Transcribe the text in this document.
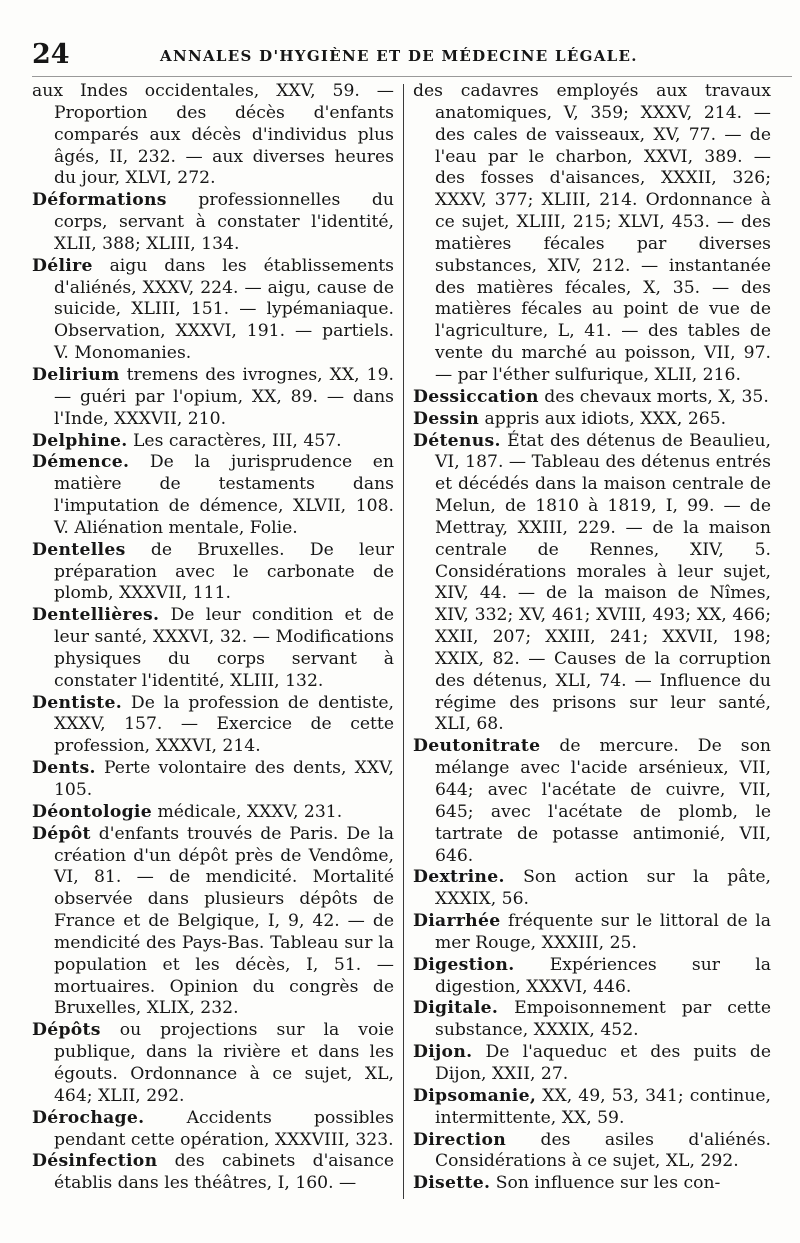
24	ANNALES D'HYGIÈNE ET DE MÉDECINE LÉGALE.

aux Indes occidentales, XXV, 59. — Proportion des décès d'enfants comparés aux décès d'individus plus âgés, II, 232. — aux diverses heures du jour, XLVI, 272.

Déformations professionnelles du corps, servant à constater l'identité, XLII, 388; XLIII, 134.

Délire aigu dans les établissements d'aliénés, XXXV, 224. — aigu, cause de suicide, XLIII, 151. — lypémaniaque. Observation, XXXVI, 191. — partiels. V. Monomanies.

Delirium tremens des ivrognes, XX, 19. — guéri par l'opium, XX, 89. — dans l'Inde, XXXVII, 210.

Delphine. Les caractères, III, 457.

Démence. De la jurisprudence en matière de testaments dans l'imputation de démence, XLVII, 108. V. Aliénation mentale, Folie.

Dentelles de Bruxelles. De leur préparation avec le carbonate de plomb, XXXVII, 111.

Dentellières. De leur condition et de leur santé, XXXVI, 32. — Modifications physiques du corps servant à constater l'identité, XLIII, 132.

Dentiste. De la profession de dentiste, XXXV, 157. — Exercice de cette profession, XXXVI, 214.

Dents. Perte volontaire des dents, XXV, 105.

Déontologie médicale, XXXV, 231.

Dépôt d'enfants trouvés de Paris. De la création d'un dépôt près de Vendôme, VI, 81. — de mendicité. Mortalité observée dans plusieurs dépôts de France et de Belgique, I, 9, 42. — de mendicité des Pays-Bas. Tableau sur la population et les décès, I, 51. — mortuaires. Opinion du congrès de Bruxelles, XLIX, 232.

Dépôts ou projections sur la voie publique, dans la rivière et dans les égouts. Ordonnance à ce sujet, XL, 464; XLII, 292.

Dérochage. Accidents possibles pendant cette opération, XXXVIII, 323.

Désinfection des cabinets d'aisance établis dans les théâtres, I, 160. —

des cadavres employés aux travaux anatomiques, V, 359; XXXV, 214. — des cales de vaisseaux, XV, 77. — de l'eau par le charbon, XXVI, 389. — des fosses d'aisances, XXXII, 326; XXXV, 377; XLIII, 214. Ordonnance à ce sujet, XLIII, 215; XLVI, 453. — des matières fécales par diverses substances, XIV, 212. — instantanée des matières fécales, X, 35. — des matières fécales au point de vue de l'agriculture, L, 41. — des tables de vente du marché au poisson, VII, 97. — par l'éther sulfurique, XLII, 216.

Dessiccation des chevaux morts, X, 35.

Dessin appris aux idiots, XXX, 265.

Détenus. État des détenus de Beaulieu, VI, 187. — Tableau des détenus entrés et décédés dans la maison centrale de Melun, de 1810 à 1819, I, 99. — de Mettray, XXIII, 229. — de la maison centrale de Rennes, XIV, 5. Considérations morales à leur sujet, XIV, 44. — de la maison de Nîmes, XIV, 332; XV, 461; XVIII, 493; XX, 466; XXII, 207; XXIII, 241; XXVII, 198; XXIX, 82. — Causes de la corruption des détenus, XLI, 74. — Influence du régime des prisons sur leur santé, XLI, 68.

Deutonitrate de mercure. De son mélange avec l'acide arsénieux, VII, 644; avec l'acétate de cuivre, VII, 645; avec l'acétate de plomb, le tartrate de potasse antimonié, VII, 646.

Dextrine. Son action sur la pâte, XXXIX, 56.

Diarrhée fréquente sur le littoral de la mer Rouge, XXXIII, 25.

Digestion. Expériences sur la digestion, XXXVI, 446.

Digitale. Empoisonnement par cette substance, XXXIX, 452.

Dijon. De l'aqueduc et des puits de Dijon, XXII, 27.

Dipsomanie, XX, 49, 53, 341; continue, intermittente, XX, 59.

Direction des asiles d'aliénés. Considérations à ce sujet, XL, 292.

Disette. Son influence sur les con-
